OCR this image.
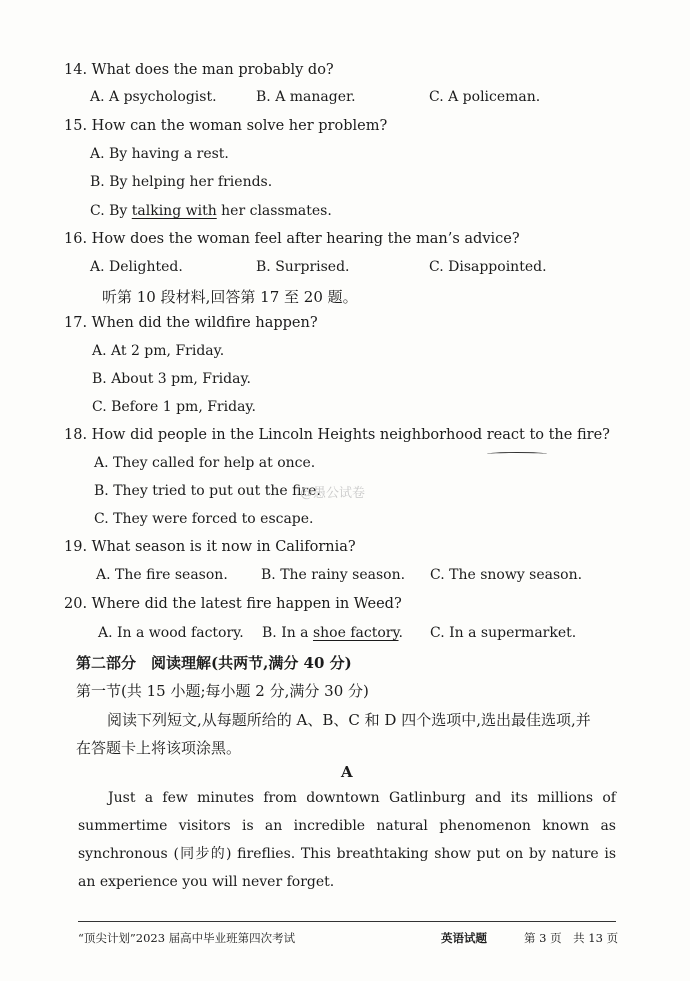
14. What does the man probably do?
A. A psychologist.	B. A manager.	C. A policeman.
15. How can the woman solve her problem?
A. By having a rest.
B. By helping her friends.
C. By talking with her classmates.
16. How does the woman feel after hearing the man’s advice?
A. Delighted.	B. Surprised.	C. Disappointed.
听第 10 段材料,回答第 17 至 20 题。
17. When did the wildfire happen?
A. At 2 pm, Friday.
B. About 3 pm, Friday.
C. Before 1 pm, Friday.
18. How did people in the Lincoln Heights neighborhood react to the fire?
A. They called for help at once.
B. They tried to put out the fire.
@愚公试卷
C. They were forced to escape.
19. What season is it now in California?
A. The fire season. B. The rainy season. C. The snowy season.
20. Where did the latest fire happen in Weed?
A. In a wood factory. B. In a shoe factory. C. In a supermarket.
第二部分　阅读理解(共两节,满分 40 分)
第一节(共 15 小题;每小题 2 分,满分 30 分)
阅读下列短文,从每题所给的 A、B、C 和 D 四个选项中,选出最佳选项,并
在答题卡上将该项涂黑。
A
Just a few minutes from downtown Gatlinburg and its millions of summertime visitors is an incredible natural phenomenon known as synchronous (同步的) fireflies. This breathtaking show put on by nature is an experience you will never forget.
“顶尖计划”2023 届高中毕业班第四次考试	英语试题	第 3 页　共 13 页
